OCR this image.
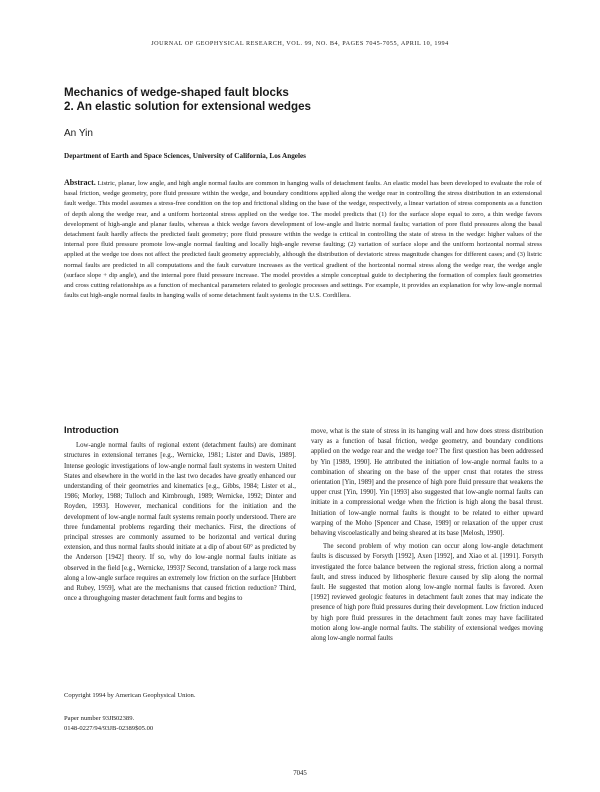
JOURNAL OF GEOPHYSICAL RESEARCH, VOL. 99, NO. B4, PAGES 7045-7055, APRIL 10, 1994
Mechanics of wedge-shaped fault blocks
2. An elastic solution for extensional wedges
An Yin
Department of Earth and Space Sciences, University of California, Los Angeles
Abstract. Listric, planar, low angle, and high angle normal faults are common in hanging walls of detachment faults. An elastic model has been developed to evaluate the role of basal friction, wedge geometry, pore fluid pressure within the wedge, and boundary conditions applied along the wedge rear in controlling the stress distribution in an extensional fault wedge. This model assumes a stress-free condition on the top and frictional sliding on the base of the wedge, respectively, a linear variation of stress components as a function of depth along the wedge rear, and a uniform horizontal stress applied on the wedge toe. The model predicts that (1) for the surface slope equal to zero, a thin wedge favors development of high-angle and planar faults, whereas a thick wedge favors development of low-angle and listric normal faults; variation of pore fluid pressures along the basal detachment fault hardly affects the predicted fault geometry; pore fluid pressure within the wedge is critical in controlling the state of stress in the wedge: higher values of the internal pore fluid pressure promote low-angle normal faulting and locally high-angle reverse faulting; (2) variation of surface slope and the uniform horizontal normal stress applied at the wedge toe does not affect the predicted fault geometry appreciably, although the distribution of deviatoric stress magnitude changes for different cases; and (3) listric normal faults are predicted in all computations and the fault curvature increases as the vertical gradient of the horizontal normal stress along the wedge rear, the wedge angle (surface slope + dip angle), and the internal pore fluid pressure increase. The model provides a simple conceptual guide to deciphering the formation of complex fault geometries and cross cutting relationships as a function of mechanical parameters related to geologic processes and settings. For example, it provides an explanation for why low-angle normal faults cut high-angle normal faults in hanging walls of some detachment fault systems in the U.S. Cordillera.
Introduction

Low-angle normal faults of regional extent (detachment faults) are dominant structures in extensional terranes [e.g., Wernicke, 1981; Lister and Davis, 1989]. Intense geologic investigations of low-angle normal fault systems in western United States and elsewhere in the world in the last two decades have greatly enhanced our understanding of their geometries and kinematics [e.g., Gibbs, 1984; Lister et al., 1986; Morley, 1988; Tulloch and Kimbrough, 1989; Wernicke, 1992; Dinter and Royden, 1993]. However, mechanical conditions for the initiation and the development of low-angle normal fault systems remain poorly understood. There are three fundamental problems regarding their mechanics. First, the directions of principal stresses are commonly assumed to be horizontal and vertical during extension, and thus normal faults should initiate at a dip of about 60° as predicted by the Anderson [1942] theory. If so, why do low-angle normal faults initiate as observed in the field [e.g., Wernicke, 1993]? Second, translation of a large rock mass along a low-angle surface requires an extremely low friction on the surface [Hubbert and Rubey, 1959], what are the mechanisms that caused friction reduction? Third, once a throughgoing master detachment fault forms and begins to

Copyright 1994 by American Geophysical Union.
Paper number 93JB02389.
0148-0227/94/93JB-02389$05.00

move, what is the state of stress in its hanging wall and how does stress distribution vary as a function of basal friction, wedge geometry, and boundary conditions applied on the wedge rear and the wedge toe? The first question has been addressed by Yin [1989, 1990]. He attributed the initiation of low-angle normal faults to a combination of shearing on the base of the upper crust that rotates the stress orientation [Yin, 1989] and the presence of high pore fluid pressure that weakens the upper crust [Yin, 1990]. Yin [1993] also suggested that low-angle normal faults can initiate in a compressional wedge when the friction is high along the basal thrust. Initiation of low-angle normal faults is thought to be related to either upward warping of the Moho [Spencer and Chase, 1989] or relaxation of the upper crust behaving viscoelastically and being sheared at its base [Melosh, 1990].

The second problem of why motion can occur along low-angle detachment faults is discussed by Forsyth [1992], Axen [1992], and Xiao et al. [1991]. Forsyth investigated the force balance between the regional stress, friction along a normal fault, and stress induced by lithospheric flexure caused by slip along the normal fault. He suggested that motion along low-angle normal faults is favored. Axen [1992] reviewed geologic features in detachment fault zones that may indicate the presence of high pore fluid pressures during their development. Low friction induced by high pore fluid pressures in the detachment fault zones may have facilitated motion along low-angle normal faults. The stability of extensional wedges moving along low-angle normal faults

7045
